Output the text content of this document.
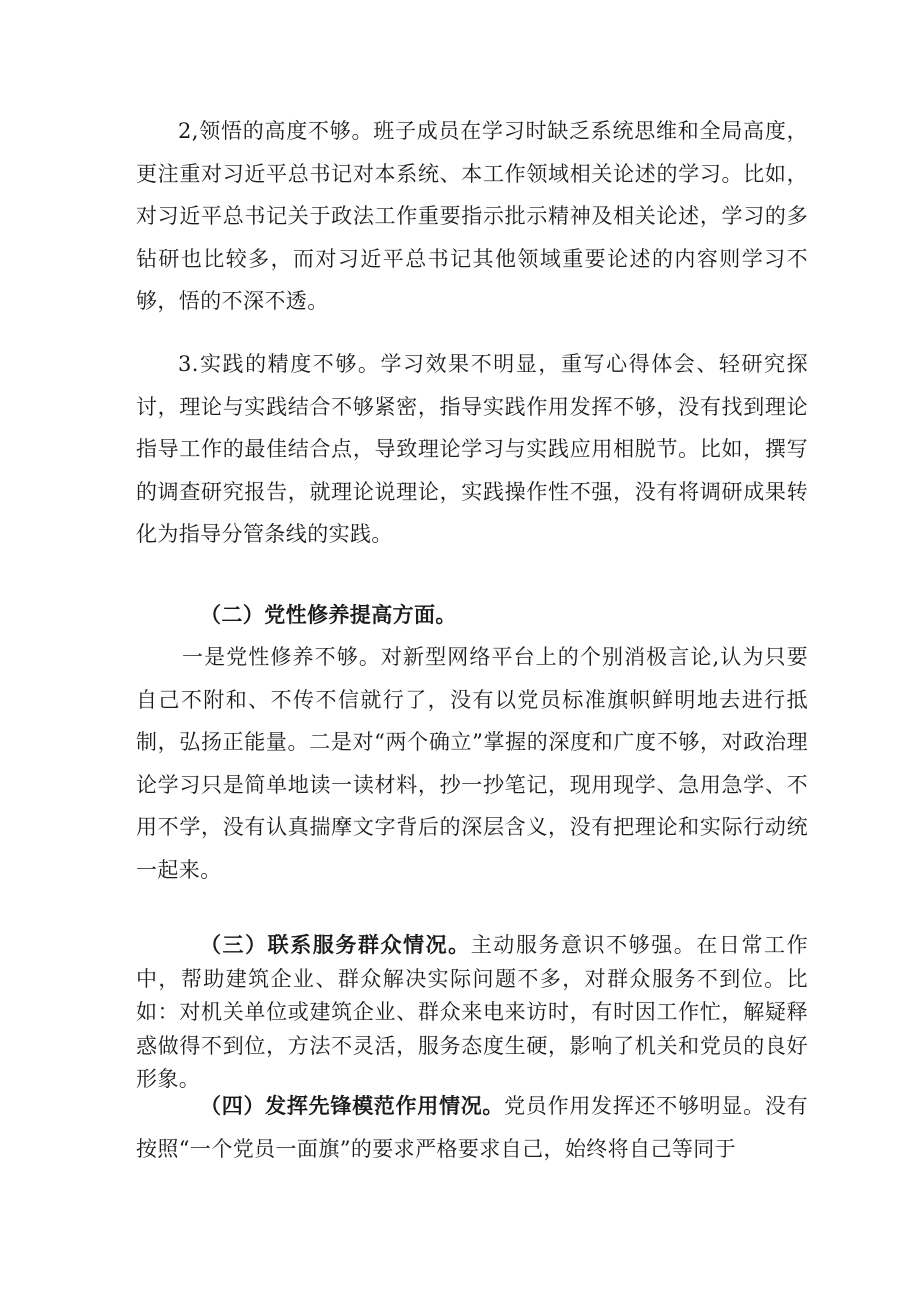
2,领悟的高度不够。班子成员在学习时缺乏系统思维和全局高度，更注重对习近平总书记对本系统、本工作领域相关论述的学习。比如，对习近平总书记关于政法工作重要指示批示精神及相关论述，学习的多钻研也比较多，而对习近平总书记其他领域重要论述的内容则学习不够，悟的不深不透。

3.实践的精度不够。学习效果不明显，重写心得体会、轻研究探讨，理论与实践结合不够紧密，指导实践作用发挥不够，没有找到理论指导工作的最佳结合点，导致理论学习与实践应用相脱节。比如，撰写的调查研究报告，就理论说理论，实践操作性不强，没有将调研成果转化为指导分管条线的实践。

（二）党性修养提高方面。

一是党性修养不够。对新型网络平台上的个别消极言论,认为只要自己不附和、不传不信就行了，没有以党员标准旗帜鲜明地去进行抵制，弘扬正能量。二是对“两个确立”掌握的深度和广度不够，对政治理论学习只是简单地读一读材料，抄一抄笔记，现用现学、急用急学、不用不学，没有认真揣摩文字背后的深层含义，没有把理论和实际行动统一起来。

（三）联系服务群众情况。主动服务意识不够强。在日常工作中，帮助建筑企业、群众解决实际问题不多，对群众服务不到位。比如：对机关单位或建筑企业、群众来电来访时，有时因工作忙，解疑释惑做得不到位，方法不灵活，服务态度生硬，影响了机关和党员的良好形象。

（四）发挥先锋模范作用情况。党员作用发挥还不够明显。没有按照“一个党员一面旗”的要求严格要求自己，始终将自己等同于
